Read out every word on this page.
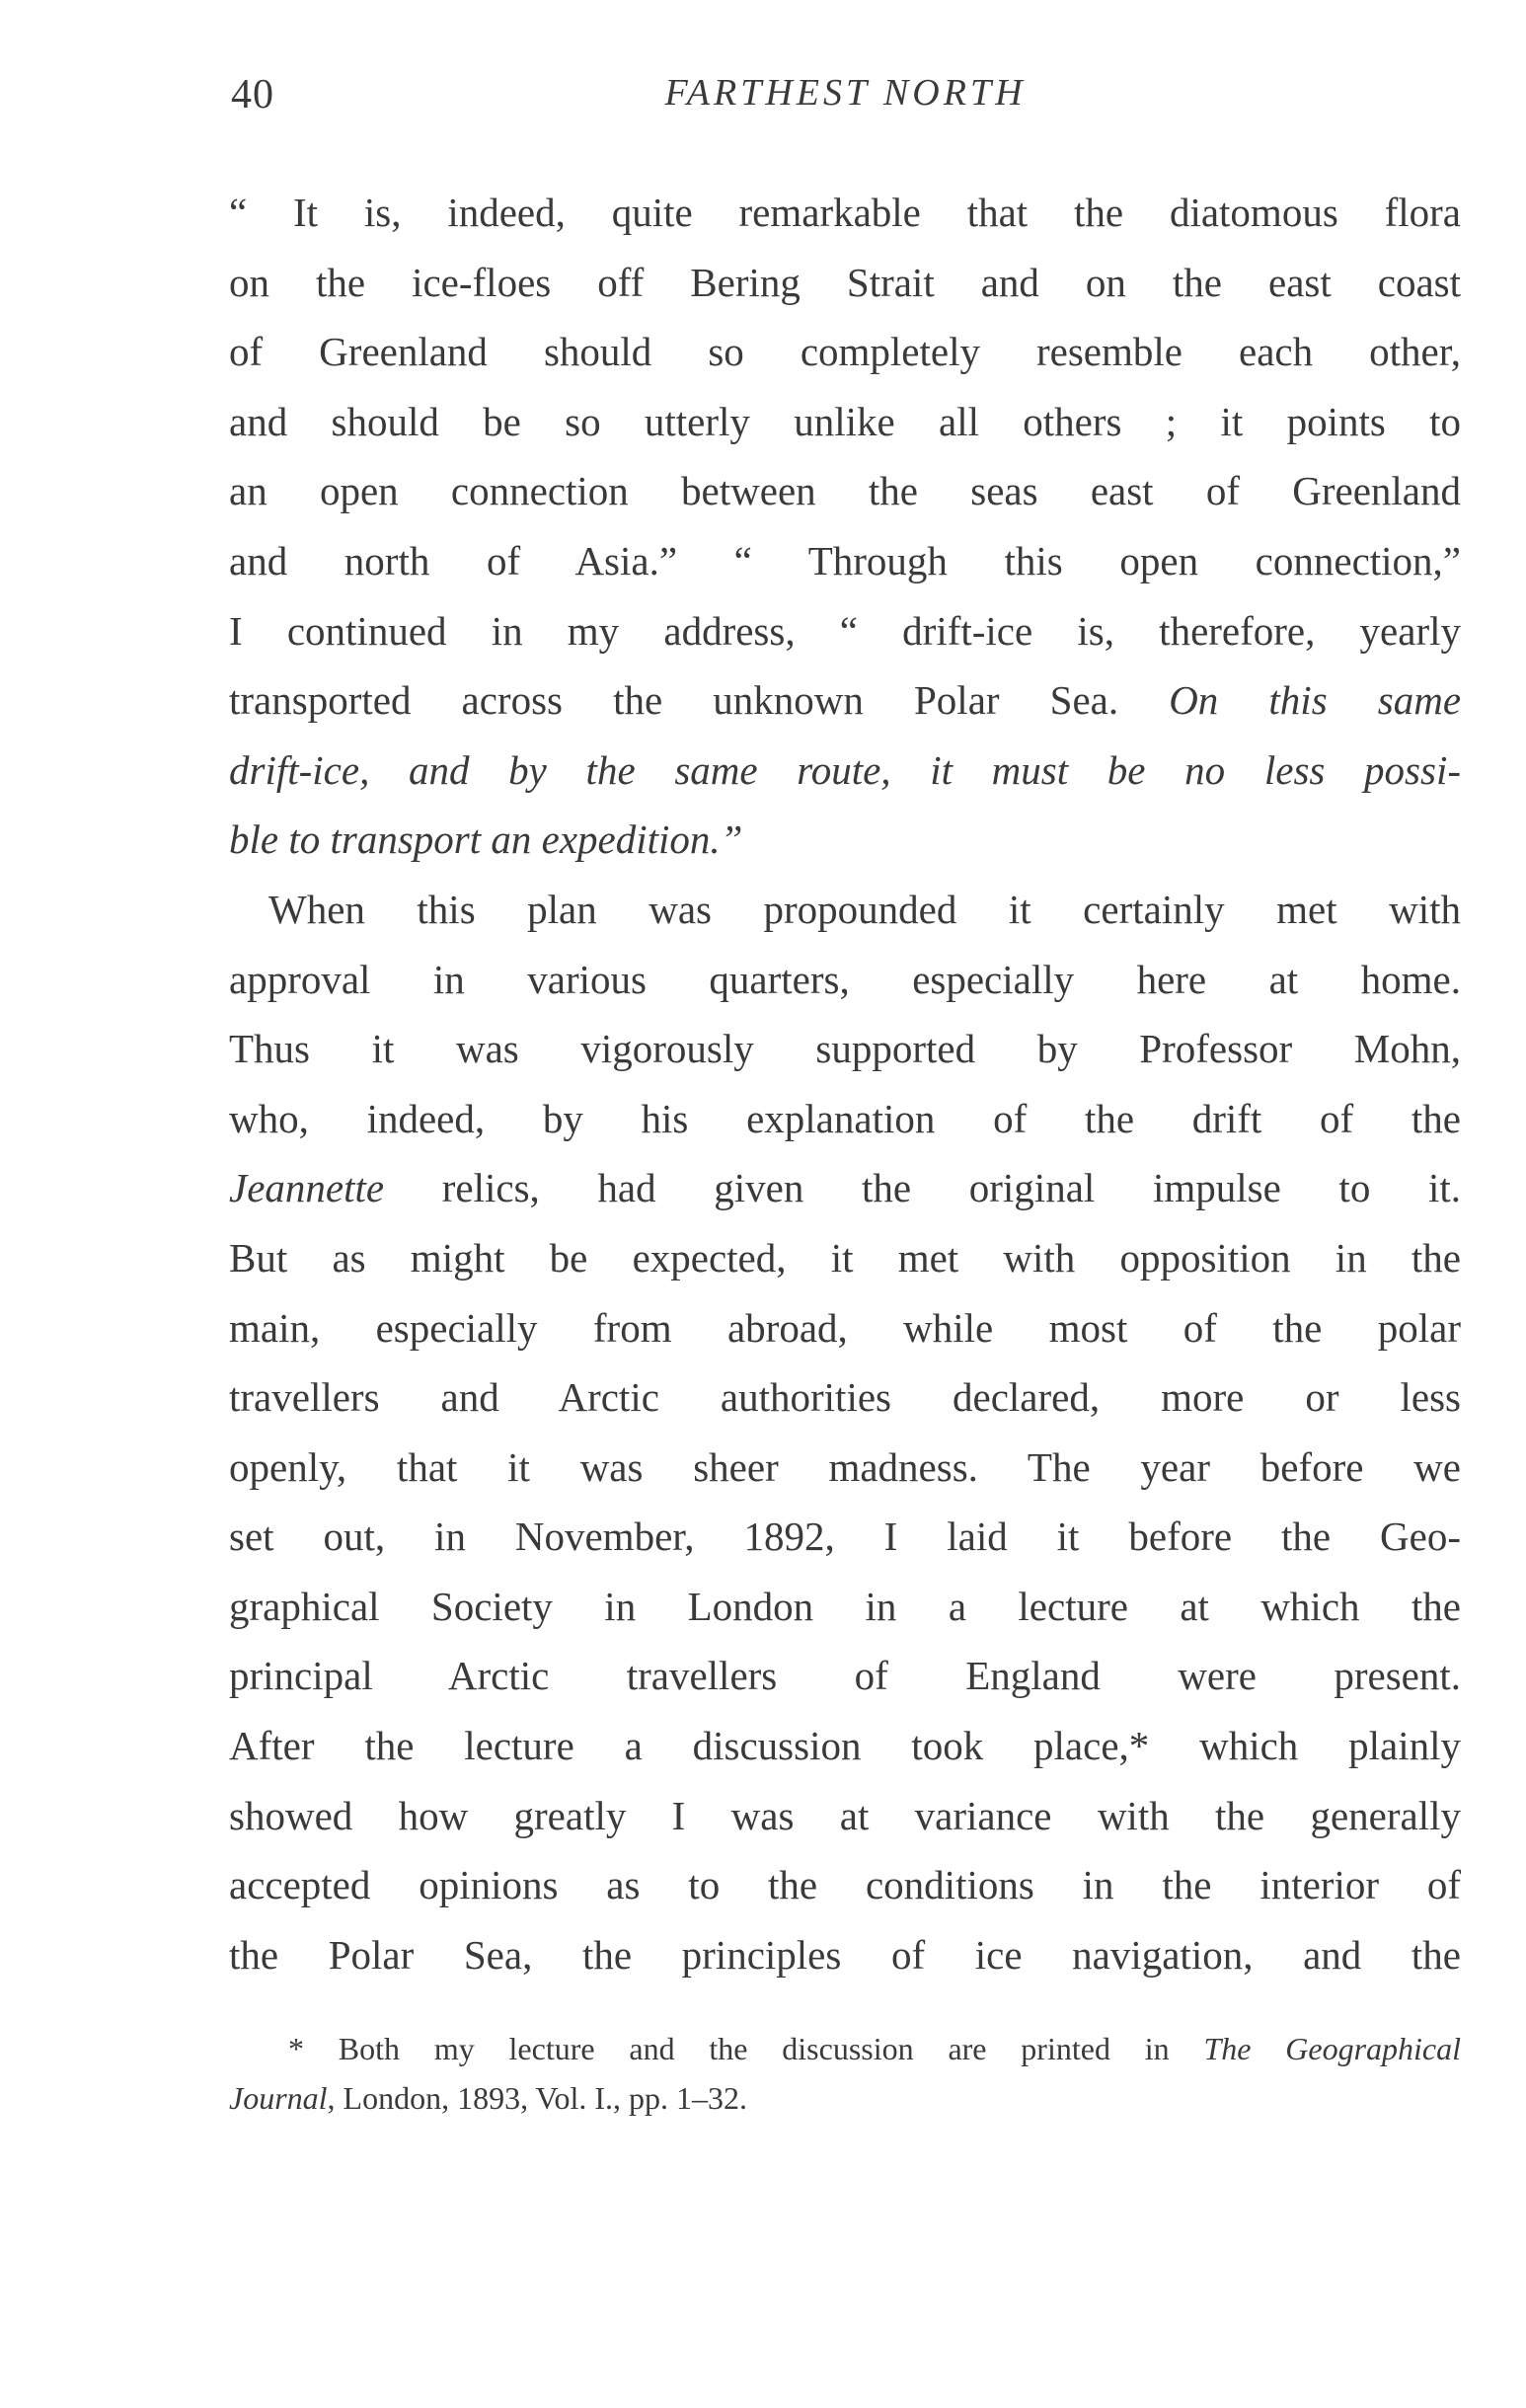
40	FARTHEST NORTH
“ It is, indeed, quite remarkable that the diatomous flora
on the ice-floes off Bering Strait and on the east coast
of Greenland should so completely resemble each other,
and should be so utterly unlike all others ; it points to
an open connection between the seas east of Greenland
and north of Asia.” “ Through this open connection,”
I continued in my address, “ drift-ice is, therefore, yearly
transported across the unknown Polar Sea. On this same
drift-ice, and by the same route, it must be no less possi-
ble to transport an expedition.”
When this plan was propounded it certainly met with
approval in various quarters, especially here at home.
Thus it was vigorously supported by Professor Mohn,
who, indeed, by his explanation of the drift of the
Jeannette relics, had given the original impulse to it.
But as might be expected, it met with opposition in the
main, especially from abroad, while most of the polar
travellers and Arctic authorities declared, more or less
openly, that it was sheer madness. The year before we
set out, in November, 1892, I laid it before the Geo-
graphical Society in London in a lecture at which the
principal Arctic travellers of England were present.
After the lecture a discussion took place,* which plainly
showed how greatly I was at variance with the generally
accepted opinions as to the conditions in the interior of
the Polar Sea, the principles of ice navigation, and the
* Both my lecture and the discussion are printed in The Geographical
Journal, London, 1893, Vol. I., pp. 1–32.
